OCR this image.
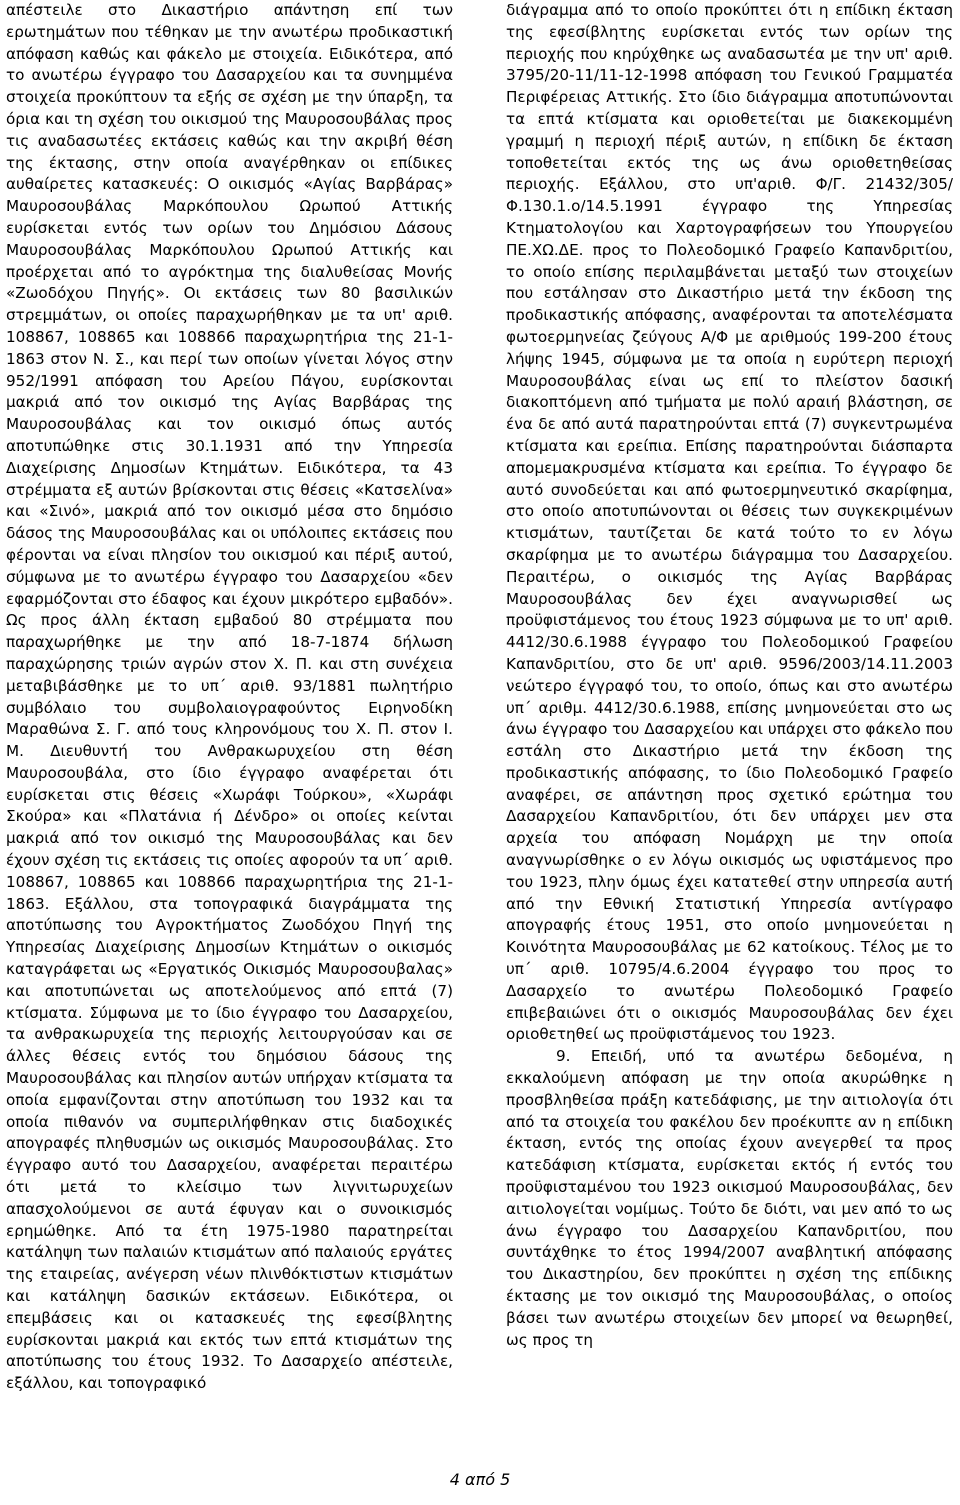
απέστειλε στο Δικαστήριο απάντηση επί των ερωτημάτων που τέθηκαν με την ανωτέρω προδικαστική απόφαση καθώς και φάκελο με στοιχεία. Ειδικότερα, από το ανωτέρω έγγραφο του Δασαρχείου και τα συνημμένα στοιχεία προκύπτουν τα εξής σε σχέση με την ύπαρξη, τα όρια και τη σχέση του οικισμού της Μαυροσουβάλας προς τις αναδασωτέες εκτάσεις καθώς και την ακριβή θέση της έκτασης, στην οποία αναγέρθηκαν οι επίδικες αυθαίρετες κατασκευές: Ο οικισμός «Αγίας Βαρβάρας» Μαυροσουβάλας Μαρκόπουλου Ωρωπού Αττικής ευρίσκεται εντός των ορίων του Δημόσιου Δάσους Μαυροσουβάλας Μαρκόπουλου Ωρωπού Αττικής και προέρχεται από το αγρόκτημα της διαλυθείσας Μονής «Ζωοδόχου Πηγής». Οι εκτάσεις των 80 βασιλικών στρεμμάτων, οι οποίες παραχωρήθηκαν με τα υπ' αριθ. 108867, 108865 και 108866 παραχωρητήρια της 21-1-1863 στον Ν. Σ., και περί των οποίων γίνεται λόγος στην 952/1991 απόφαση του Αρείου Πάγου, ευρίσκονται μακριά από τον οικισμό της Αγίας Βαρβάρας της Μαυροσουβάλας και τον οικισμό όπως αυτός αποτυπώθηκε στις 30.1.1931 από την Υπηρεσία Διαχείρισης Δημοσίων Κτημάτων. Ειδικότερα, τα 43 στρέμματα εξ αυτών βρίσκονται στις θέσεις «Κατσελίνα» και «Σινό», μακριά από τον οικισμό μέσα στο δημόσιο δάσος της Μαυροσουβάλας και οι υπόλοιπες εκτάσεις που φέρονται να είναι πλησίον του οικισμού και πέριξ αυτού, σύμφωνα με το ανωτέρω έγγραφο του Δασαρχείου «δεν εφαρμόζονται στο έδαφος και έχουν μικρότερο εμβαδόν». Ως προς άλλη έκταση εμβαδού 80 στρέμματα που παραχωρήθηκε με την από 18-7-1874 δήλωση παραχώρησης τριών αγρών στον Χ. Π. και στη συνέχεια μεταβιβάσθηκε με το υπ΄ αριθ. 93/1881 πωλητήριο συμβόλαιο του συμβολαιογραφούντος Ειρηνοδίκη Μαραθώνα Σ. Γ. από τους κληρονόμους του Χ. Π. στον Ι. Μ. Διευθυντή του Ανθρακωρυχείου στη θέση Μαυροσουβάλα, στο ίδιο έγγραφο αναφέρεται ότι ευρίσκεται στις θέσεις «Χωράφι Τούρκου», «Χωράφι Σκούρα» και «Πλατάνια ή Δένδρο» οι οποίες κείνται μακριά από τον οικισμό της Μαυροσουβάλας και δεν έχουν σχέση τις εκτάσεις τις οποίες αφορούν τα υπ΄ αριθ. 108867, 108865 και 108866 παραχωρητήρια της 21-1-1863. Εξάλλου, στα τοπογραφικά διαγράμματα της αποτύπωσης του Αγροκτήματος Ζωοδόχου Πηγή της Υπηρεσίας Διαχείρισης Δημοσίων Κτημάτων ο οικισμός καταγράφεται ως «Εργατικός Οικισμός Μαυροσουβαλας» και αποτυπώνεται ως αποτελούμενος από επτά (7) κτίσματα. Σύμφωνα με το ίδιο έγγραφο του Δασαρχείου, τα ανθρακωρυχεία της περιοχής λειτουργούσαν και σε άλλες θέσεις εντός του δημόσιου δάσους της Μαυροσουβάλας και πλησίον αυτών υπήρχαν κτίσματα τα οποία εμφανίζονται στην αποτύπωση του 1932 και τα οποία πιθανόν να συμπεριλήφθηκαν στις διαδοχικές απογραφές πληθυσμών ως οικισμός Μαυροσουβάλας. Στο έγγραφο αυτό του Δασαρχείου, αναφέρεται περαιτέρω ότι μετά το κλείσιμο των λιγνιτωρυχείων απασχολούμενοι σε αυτά έφυγαν και ο συνοικισμός ερημώθηκε. Από τα έτη 1975-1980 παρατηρείται κατάληψη των παλαιών κτισμάτων από παλαιούς εργάτες της εταιρείας, ανέγερση νέων πλινθόκτιστων κτισμάτων και κατάληψη δασικών εκτάσεων. Ειδικότερα, οι επεμβάσεις και οι κατασκευές της εφεσίβλητης ευρίσκονται μακριά και εκτός των επτά κτισμάτων της αποτύπωσης του έτους 1932. Το Δασαρχείο απέστειλε, εξάλλου, και τοπογραφικό

διάγραμμα από το οποίο προκύπτει ότι η επίδικη έκταση της εφεσίβλητης ευρίσκεται εντός των ορίων της περιοχής που κηρύχθηκε ως αναδασωτέα με την υπ' αριθ. 3795/20-11/11-12-1998 απόφαση του Γενικού Γραμματέα Περιφέρειας Αττικής. Στο ίδιο διάγραμμα αποτυπώνονται τα επτά κτίσματα και οριοθετείται με διακεκομμένη γραμμή η περιοχή πέριξ αυτών, η επίδικη δε έκταση τοποθετείται εκτός της ως άνω οριοθετηθείσας περιοχής. Εξάλλου, στο υπ'αριθ. Φ/Γ. 21432/305/Φ.130.1.ο/14.5.1991 έγγραφο της Υπηρεσίας Κτηματολογίου και Χαρτογραφήσεων του Υπουργείου ΠΕ.ΧΩ.ΔΕ. προς το Πολεοδομικό Γραφείο Καπανδριτίου, το οποίο επίσης περιλαμβάνεται μεταξύ των στοιχείων που εστάλησαν στο Δικαστήριο μετά την έκδοση της προδικαστικής απόφασης, αναφέρονται τα αποτελέσματα φωτοερμηνείας ζεύγους Α/Φ με αριθμούς 199-200 έτους λήψης 1945, σύμφωνα με τα οποία η ευρύτερη περιοχή Μαυροσουβάλας είναι ως επί το πλείστον δασική διακοπτόμενη από τμήματα με πολύ αραιή βλάστηση, σε ένα δε από αυτά παρατηρούνται επτά (7) συγκεντρωμένα κτίσματα και ερείπια. Επίσης παρατηρούνται διάσπαρτα απομεμακρυσμένα κτίσματα και ερείπια. Το έγγραφο δε αυτό συνοδεύεται και από φωτοερμηνευτικό σκαρίφημα, στο οποίο αποτυπώνονται οι θέσεις των συγκεκριμένων κτισμάτων, ταυτίζεται δε κατά τούτο το εν λόγω σκαρίφημα με το ανωτέρω διάγραμμα του Δασαρχείου. Περαιτέρω, ο οικισμός της Αγίας Βαρβάρας Μαυροσουβάλας δεν έχει αναγνωρισθεί ως προϋφιστάμενος του έτους 1923 σύμφωνα με το υπ' αριθ. 4412/30.6.1988 έγγραφο του Πολεοδομικού Γραφείου Καπανδριτίου, στο δε υπ' αριθ. 9596/2003/14.11.2003 νεώτερο έγγραφό του, το οποίο, όπως και στο ανωτέρω υπ΄ αριθμ. 4412/30.6.1988, επίσης μνημονεύεται στο ως άνω έγγραφο του Δασαρχείου και υπάρχει στο φάκελο που εστάλη στο Δικαστήριο μετά την έκδοση της προδικαστικής απόφασης, το ίδιο Πολεοδομικό Γραφείο αναφέρει, σε απάντηση προς σχετικό ερώτημα του Δασαρχείου Καπανδριτίου, ότι δεν υπάρχει μεν στα αρχεία του απόφαση Νομάρχη με την οποία αναγνωρίσθηκε ο εν λόγω οικισμός ως υφιστάμενος προ του 1923, πλην όμως έχει κατατεθεί στην υπηρεσία αυτή από την Εθνική Στατιστική Υπηρεσία αντίγραφο απογραφής έτους 1951, στο οποίο μνημονεύεται η Κοινότητα Μαυροσουβάλας με 62 κατοίκους. Τέλος με το υπ΄ αριθ. 10795/4.6.2004 έγγραφο του προς το Δασαρχείο το ανωτέρω Πολεοδομικό Γραφείο επιβεβαιώνει ότι ο οικισμός Μαυροσουβάλας δεν έχει οριοθετηθεί ως προϋφιστάμενος του 1923.

9. Επειδή, υπό τα ανωτέρω δεδομένα, η εκκαλούμενη απόφαση με την οποία ακυρώθηκε η προσβληθείσα πράξη κατεδάφισης, με την αιτιολογία ότι από τα στοιχεία του φακέλου δεν προέκυπτε αν η επίδικη έκταση, εντός της οποίας έχουν ανεγερθεί τα προς κατεδάφιση κτίσματα, ευρίσκεται εκτός ή εντός του προϋφισταμένου του 1923 οικισμού Μαυροσουβάλας, δεν αιτιολογείται νομίμως. Τούτο δε διότι, ναι μεν από το ως άνω έγγραφο του Δασαρχείου Καπανδριτίου, που συντάχθηκε το έτος 1994/2007 αναβλητική απόφασης του Δικαστηρίου, δεν προκύπτει η σχέση της επίδικης έκτασης με τον οικισμό της Μαυροσουβάλας, ο οποίος βάσει των ανωτέρω στοιχείων δεν μπορεί να θεωρηθεί, ως προς τη

4 από 5
